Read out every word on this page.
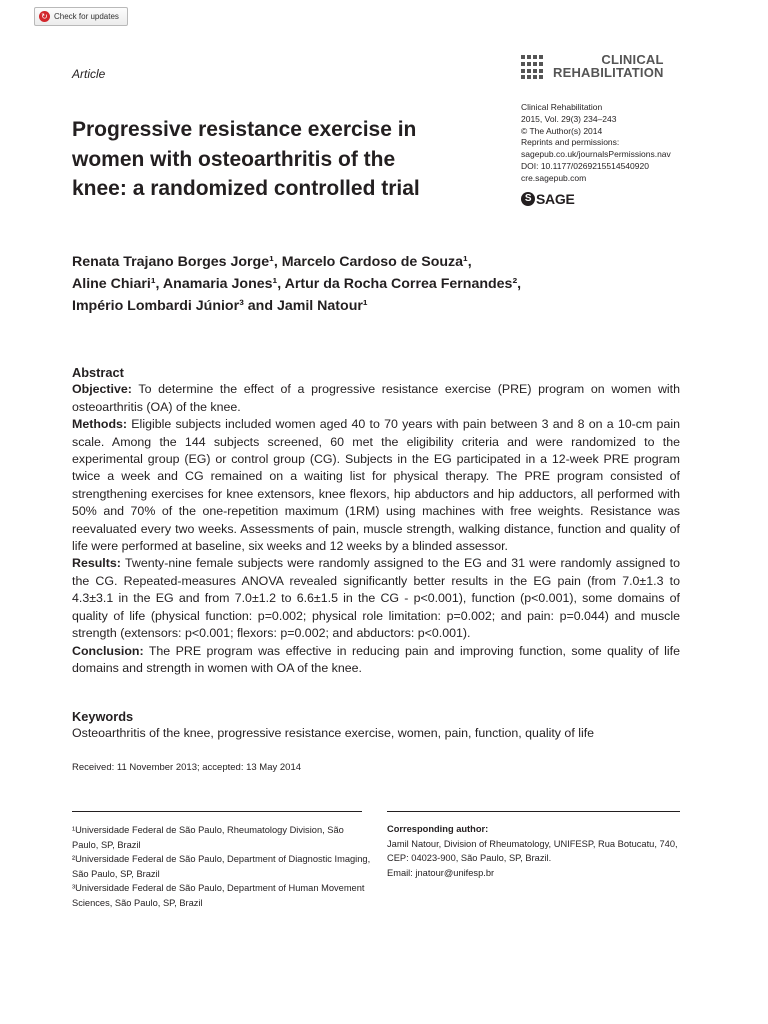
↻ Check for updates
Article
CLINICAL
REHABILITATION
Progressive resistance exercise in
women with osteoarthritis of the
knee: a randomized controlled trial
Clinical Rehabilitation
2015, Vol. 29(3) 234–243
© The Author(s) 2014
Reprints and permissions:
sagepub.co.uk/journalsPermissions.nav
DOI: 10.1177/0269215514540920
cre.sagepub.com
S SAGE
Renata Trajano Borges Jorge¹, Marcelo Cardoso de Souza¹,
Aline Chiari¹, Anamaria Jones¹, Artur da Rocha Correa Fernandes²,
Império Lombardi Júnior³ and Jamil Natour¹
Abstract

Objective: To determine the effect of a progressive resistance exercise (PRE) program on women with osteoarthritis (OA) of the knee.

Methods: Eligible subjects included women aged 40 to 70 years with pain between 3 and 8 on a 10-cm pain scale. Among the 144 subjects screened, 60 met the eligibility criteria and were randomized to the experimental group (EG) or control group (CG). Subjects in the EG participated in a 12-week PRE program twice a week and CG remained on a waiting list for physical therapy. The PRE program consisted of strengthening exercises for knee extensors, knee flexors, hip abductors and hip adductors, all performed with 50% and 70% of the one-repetition maximum (1RM) using machines with free weights. Resistance was reevaluated every two weeks. Assessments of pain, muscle strength, walking distance, function and quality of life were performed at baseline, six weeks and 12 weeks by a blinded assessor.

Results: Twenty-nine female subjects were randomly assigned to the EG and 31 were randomly assigned to the CG. Repeated-measures ANOVA revealed significantly better results in the EG pain (from 7.0±1.3 to 4.3±3.1 in the EG and from 7.0±1.2 to 6.6±1.5 in the CG - p<0.001), function (p<0.001), some domains of quality of life (physical function: p=0.002; physical role limitation: p=0.002; and pain: p=0.044) and muscle strength (extensors: p<0.001; flexors: p=0.002; and abductors: p<0.001).

Conclusion: The PRE program was effective in reducing pain and improving function, some quality of life domains and strength in women with OA of the knee.

Keywords
Osteoarthritis of the knee, progressive resistance exercise, women, pain, function, quality of life
Received: 11 November 2013; accepted: 13 May 2014
¹Universidade Federal de São Paulo, Rheumatology Division, São Paulo, SP, Brazil
²Universidade Federal de São Paulo, Department of Diagnostic Imaging, São Paulo, SP, Brazil
³Universidade Federal de São Paulo, Department of Human Movement Sciences, São Paulo, SP, Brazil
Corresponding author:
Jamil Natour, Division of Rheumatology, UNIFESP, Rua Botucatu, 740, CEP: 04023-900, São Paulo, SP, Brazil.
Email: jnatour@unifesp.br
